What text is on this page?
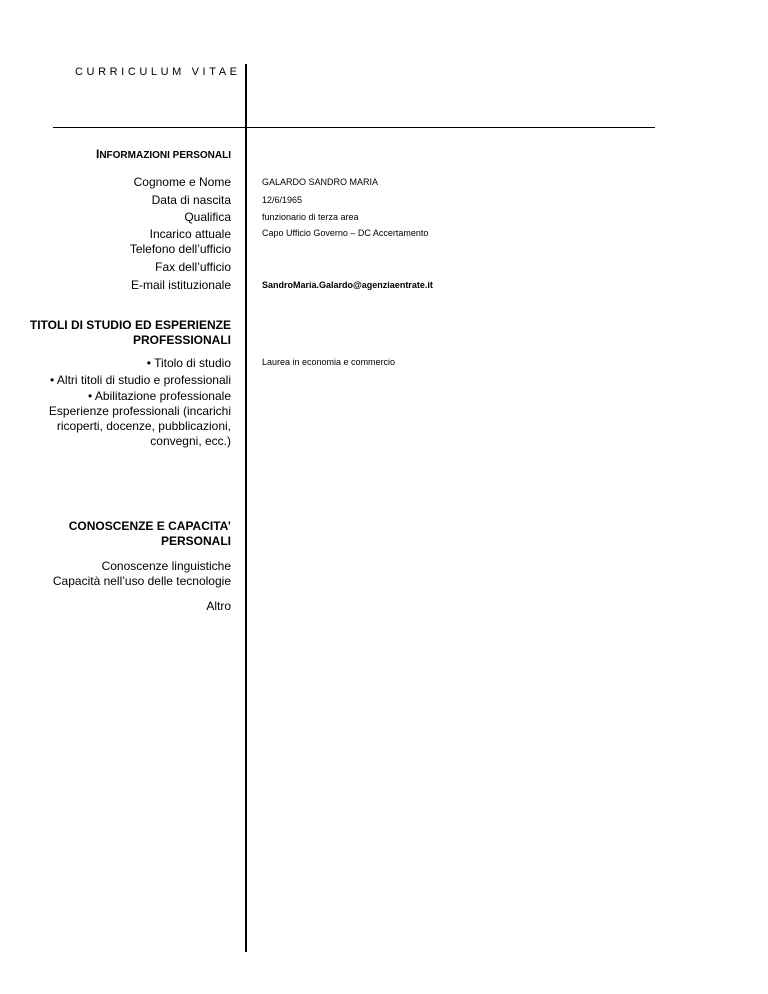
CURRICULUM VITAE
INFORMAZIONI PERSONALI
Cognome e Nome
Data di nascita
Qualifica
Incarico attuale
Telefono dell’ufficio
Fax dell’ufficio
E-mail istituzionale
GALARDO SANDRO MARIA
12/6/1965
funzionario di terza area
Capo Ufficio Governo – DC Accertamento
SandroMaria.Galardo@agenziaentrate.it
TITOLI DI STUDIO ED ESPERIENZE
PROFESSIONALI
• Titolo di studio
• Altri titoli di studio e professionali
• Abilitazione professionale
Esperienze professionali (incarichi ricoperti, docenze, pubblicazioni, convegni, ecc.)
Laurea in economia e commercio
CONOSCENZE E CAPACITA’
PERSONALI
Conoscenze linguistiche
Capacità nell’uso delle tecnologie
Altro
